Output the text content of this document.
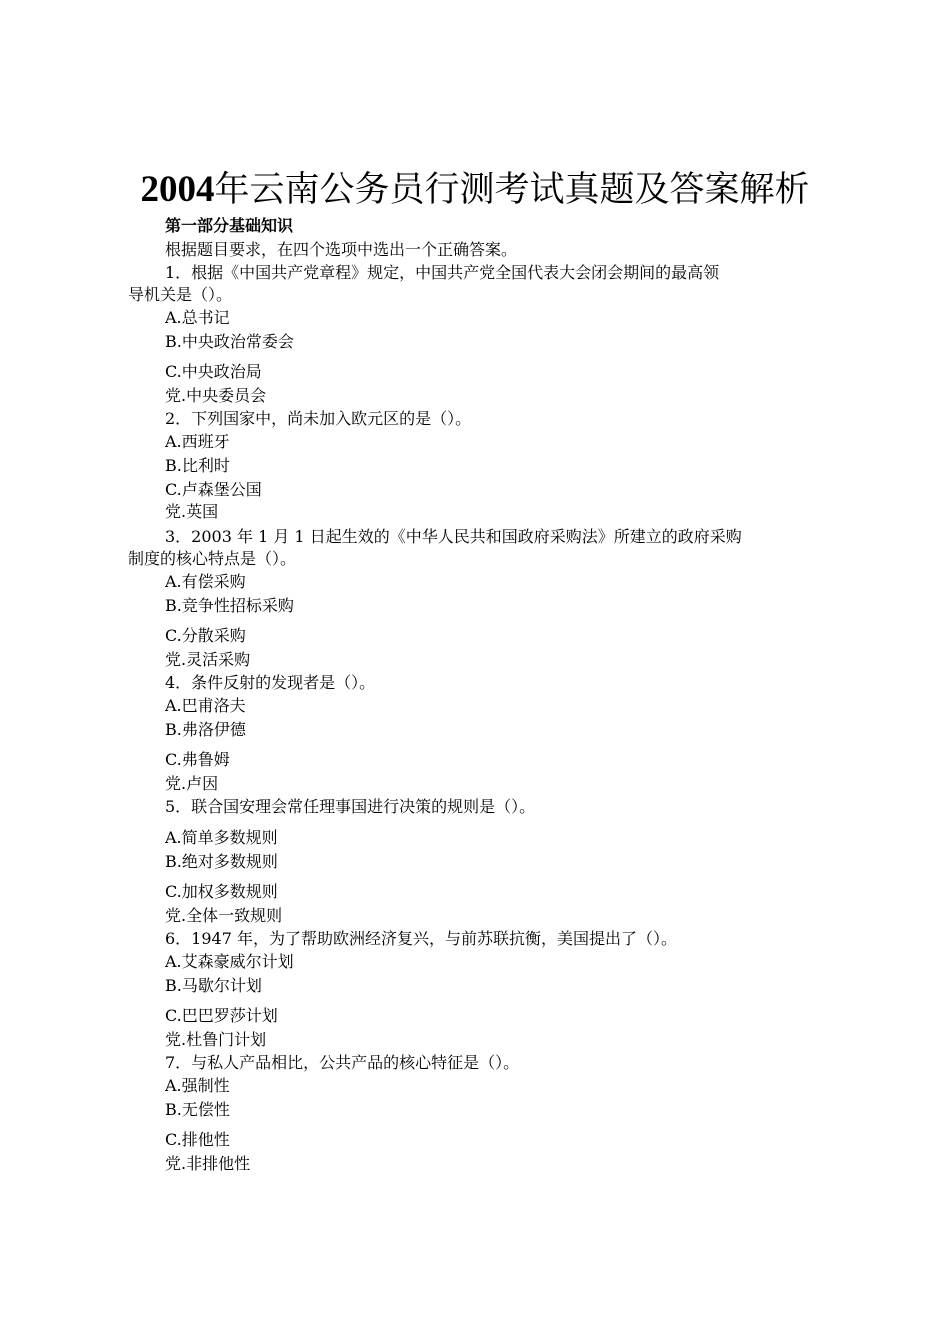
2004年云南公务员行测考试真题及答案解析
第一部分基础知识
根据题目要求，在四个选项中选出一个正确答案。
1．根据《中国共产党章程》规定，中国共产党全国代表大会闭会期间的最高领
导机关是（）。
A.总书记
B.中央政治常委会
C.中央政治局
党.中央委员会
2．下列国家中，尚未加入欧元区的是（）。
A.西班牙
B.比利时
C.卢森堡公国
党.英国
3．2003 年 1 月 1 日起生效的《中华人民共和国政府采购法》所建立的政府采购
制度的核心特点是（）。
A.有偿采购
B.竞争性招标采购
C.分散采购
党.灵活采购
4．条件反射的发现者是（）。
A.巴甫洛夫
B.弗洛伊德
C.弗鲁姆
党.卢因
5．联合国安理会常任理事国进行决策的规则是（）。
A.简单多数规则
B.绝对多数规则
C.加权多数规则
党.全体一致规则
6．1947 年，为了帮助欧洲经济复兴，与前苏联抗衡，美国提出了（）。
A.艾森豪威尔计划
B.马歇尔计划
C.巴巴罗莎计划
党.杜鲁门计划
7．与私人产品相比，公共产品的核心特征是（）。
A.强制性
B.无偿性
C.排他性
党.非排他性
